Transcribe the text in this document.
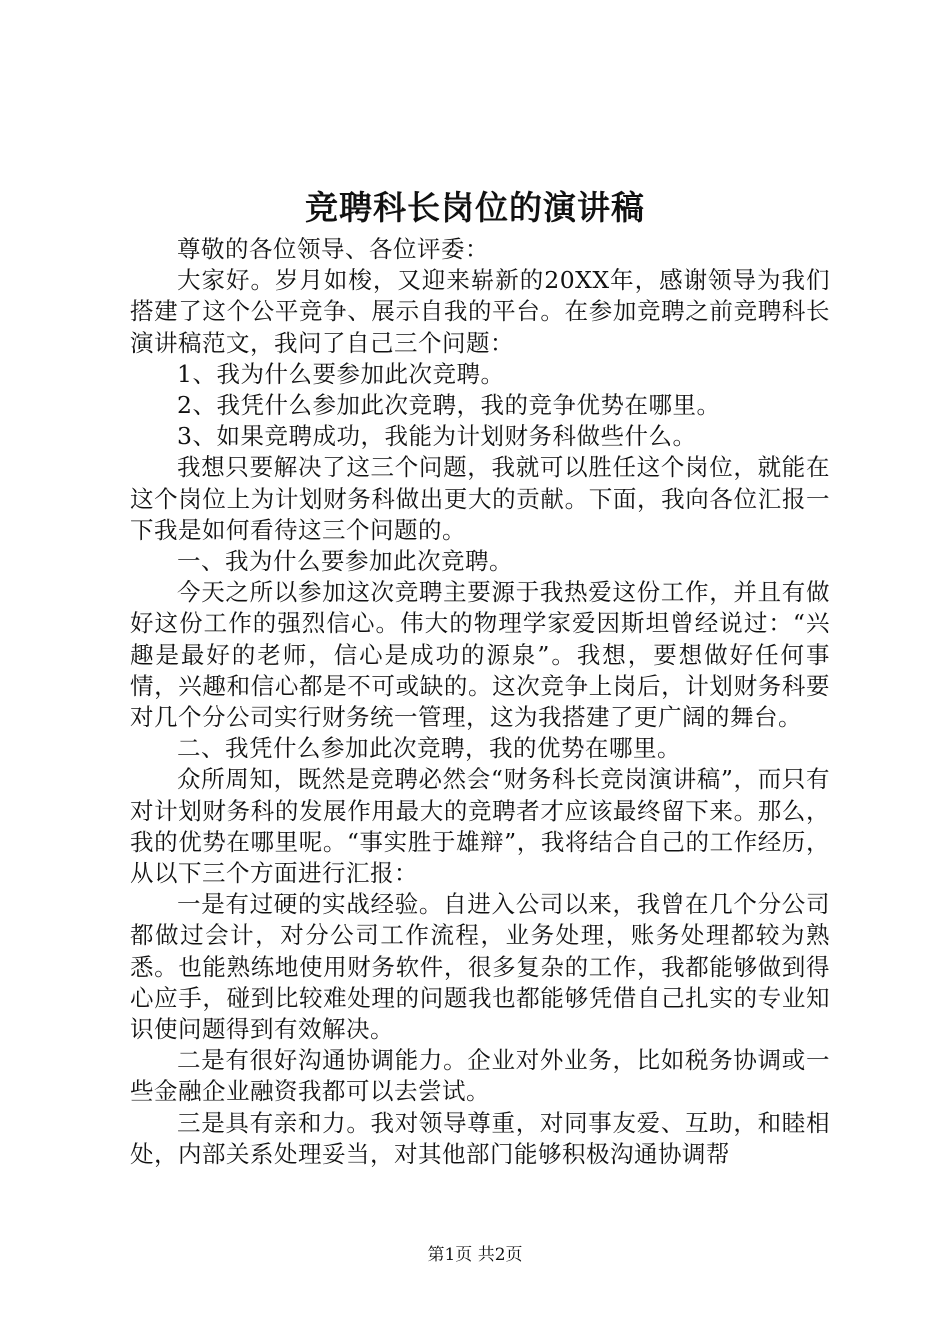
竞聘科长岗位的演讲稿

尊敬的各位领导、各位评委：

大家好。岁月如梭，又迎来崭新的20XX年，感谢领导为我们搭建了这个公平竞争、展示自我的平台。在参加竞聘之前竞聘科长演讲稿范文，我问了自己三个问题：

1、我为什么要参加此次竞聘。

2、我凭什么参加此次竞聘，我的竞争优势在哪里。

3、如果竞聘成功，我能为计划财务科做些什么。

我想只要解决了这三个问题，我就可以胜任这个岗位，就能在这个岗位上为计划财务科做出更大的贡献。下面，我向各位汇报一下我是如何看待这三个问题的。

一、我为什么要参加此次竞聘。

今天之所以参加这次竞聘主要源于我热爱这份工作，并且有做好这份工作的强烈信心。伟大的物理学家爱因斯坦曾经说过：“兴趣是最好的老师，信心是成功的源泉”。我想，要想做好任何事情，兴趣和信心都是不可或缺的。这次竞争上岗后，计划财务科要对几个分公司实行财务统一管理，这为我搭建了更广阔的舞台。

二、我凭什么参加此次竞聘，我的优势在哪里。

众所周知，既然是竞聘必然会“财务科长竞岗演讲稿”，而只有对计划财务科的发展作用最大的竞聘者才应该最终留下来。那么，我的优势在哪里呢。“事实胜于雄辩”，我将结合自己的工作经历，从以下三个方面进行汇报：

一是有过硬的实战经验。自进入公司以来，我曾在几个分公司都做过会计，对分公司工作流程，业务处理，账务处理都较为熟悉。也能熟练地使用财务软件，很多复杂的工作，我都能够做到得心应手，碰到比较难处理的问题我也都能够凭借自己扎实的专业知识使问题得到有效解决。

二是有很好沟通协调能力。企业对外业务，比如税务协调或一些金融企业融资我都可以去尝试。

三是具有亲和力。我对领导尊重，对同事友爱、互助，和睦相处，内部关系处理妥当，对其他部门能够积极沟通协调帮

第1页 共2页
